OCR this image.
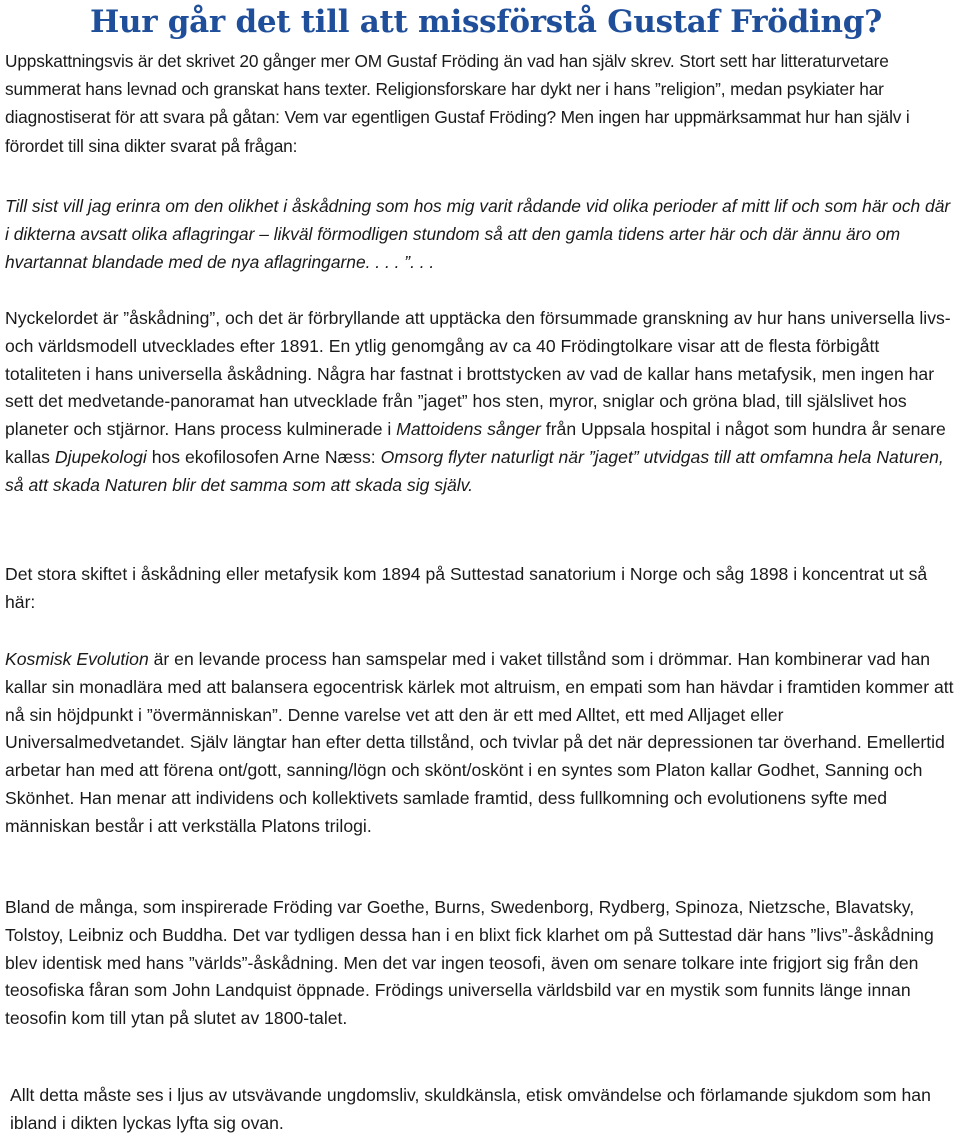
Hur går det till att missförstå Gustaf Fröding?

Uppskattningsvis är det skrivet 20 gånger mer OM Gustaf Fröding än vad han själv skrev. Stort sett har litteraturvetare summerat hans levnad och granskat hans texter. Religionsforskare har dykt ner i hans ”religion”, medan psykiater har diagnostiserat för att svara på gåtan: Vem var egentligen Gustaf Fröding? Men ingen har uppmärksammat hur han själv i förordet till sina dikter svarat på frågan:

Till sist vill jag erinra om den olikhet i åskådning som hos mig varit rådande vid olika perioder af mitt lif och som här och där i dikterna avsatt olika aflagringar – likväl förmodligen stundom så att den gamla tidens arter här och där ännu äro om hvartannat blandade med de nya aflagringarne. . . . ”. . .

Nyckelordet är ”åskådning”, och det är förbryllande att upptäcka den försummade granskning av hur hans universella livs- och världsmodell utvecklades efter 1891. En ytlig genomgång av ca 40 Frödingtolkare visar att de flesta förbigått totaliteten i hans universella åskådning. Några har fastnat i brottstycken av vad de kallar hans metafysik, men ingen har sett det medvetande-panoramat han utvecklade från ”jaget” hos sten, myror, sniglar och gröna blad, till själslivet hos planeter och stjärnor. Hans process kulminerade i Mattoidens sånger från Uppsala hospital i något som hundra år senare kallas Djupekologi hos ekofilosofen Arne Næss: Omsorg flyter naturligt när ”jaget” utvidgas till att omfamna hela Naturen, så att skada Naturen blir det samma som att skada sig själv.

Det stora skiftet i åskådning eller metafysik kom 1894 på Suttestad sanatorium i Norge och såg 1898 i koncentrat ut så här:

Kosmisk Evolution är en levande process han samspelar med i vaket tillstånd som i drömmar. Han kombinerar vad han kallar sin monadlära med att balansera egocentrisk kärlek mot altruism, en empati som han hävdar i framtiden kommer att nå sin höjdpunkt i ”övermänniskan”. Denne varelse vet att den är ett med Alltet, ett med Alljaget eller Universalmedvetandet. Själv längtar han efter detta tillstånd, och tvivlar på det när depressionen tar överhand. Emellertid arbetar han med att förena ont/gott, sanning/lögn och skönt/oskönt i en syntes som Platon kallar Godhet, Sanning och Skönhet. Han menar att individens och kollektivets samlade framtid, dess fullkomning och evolutionens syfte med människan består i att verkställa Platons trilogi.

Bland de många, som inspirerade Fröding var Goethe, Burns, Swedenborg, Rydberg, Spinoza, Nietzsche, Blavatsky, Tolstoy, Leibniz och Buddha. Det var tydligen dessa han i en blixt fick klarhet om på Suttestad där hans ”livs”-åskådning blev identisk med hans ”världs”-åskådning. Men det var ingen teosofi, även om senare tolkare inte frigjort sig från den teosofiska fåran som John Landquist öppnade. Frödings universella världsbild var en mystik som funnits länge innan teosofin kom till ytan på slutet av 1800-talet.

Allt detta måste ses i ljus av utsvävande ungdomsliv, skuldkänsla, etisk omvändelse och förlamande sjukdom som han ibland i dikten lyckas lyfta sig ovan.
